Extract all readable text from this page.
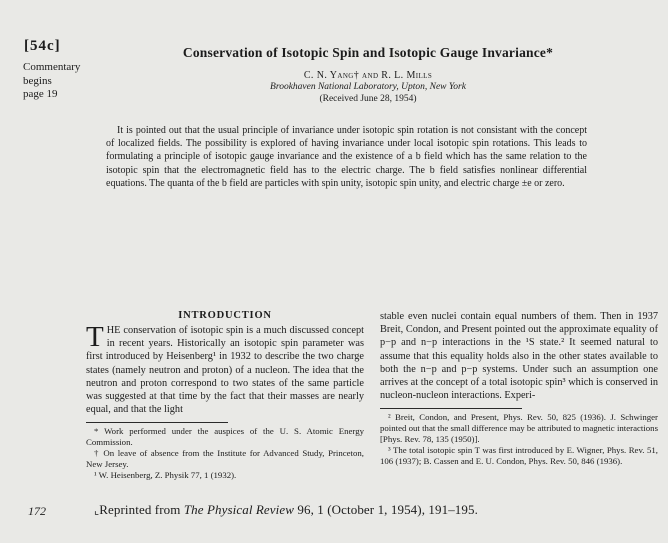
[54c]
Commentary
begins
page 19
Conservation of Isotopic Spin and Isotopic Gauge Invariance*
C. N. Yang† and R. L. Mills
Brookhaven National Laboratory, Upton, New York
(Received June 28, 1954)
It is pointed out that the usual principle of invariance under isotopic spin rotation is not consistant with the concept of localized fields. The possibility is explored of having invariance under local isotopic spin rotations. This leads to formulating a principle of isotopic gauge invariance and the existence of a b field which has the same relation to the isotopic spin that the electromagnetic field has to the electric charge. The b field satisfies nonlinear differential equations. The quanta of the b field are particles with spin unity, isotopic spin unity, and electric charge ±e or zero.
INTRODUCTION
THE conservation of isotopic spin is a much discussed concept in recent years. Historically an isotopic spin parameter was first introduced by Heisenberg¹ in 1932 to describe the two charge states (namely neutron and proton) of a nucleon. The idea that the neutron and proton correspond to two states of the same particle was suggested at that time by the fact that their masses are nearly equal, and that the light
* Work performed under the auspices of the U. S. Atomic Energy Commission.
† On leave of absence from the Institute for Advanced Study, Princeton, New Jersey.
¹ W. Heisenberg, Z. Physik 77, 1 (1932).
stable even nuclei contain equal numbers of them. Then in 1937 Breit, Condon, and Present pointed out the approximate equality of p−p and n−p interactions in the ¹S state.² It seemed natural to assume that this equality holds also in the other states available to both the n−p and p−p systems. Under such an assumption one arrives at the concept of a total isotopic spin³ which is conserved in nucleon-nucleon interactions. Experi-
² Breit, Condon, and Present, Phys. Rev. 50, 825 (1936). J. Schwinger pointed out that the small difference may be attributed to magnetic interactions [Phys. Rev. 78, 135 (1950)].
³ The total isotopic spin T was first introduced by E. Wigner, Phys. Rev. 51, 106 (1937); B. Cassen and E. U. Condon, Phys. Rev. 50, 846 (1936).
172	⌞Reprinted from The Physical Review 96, 1 (October 1, 1954), 191–195.
